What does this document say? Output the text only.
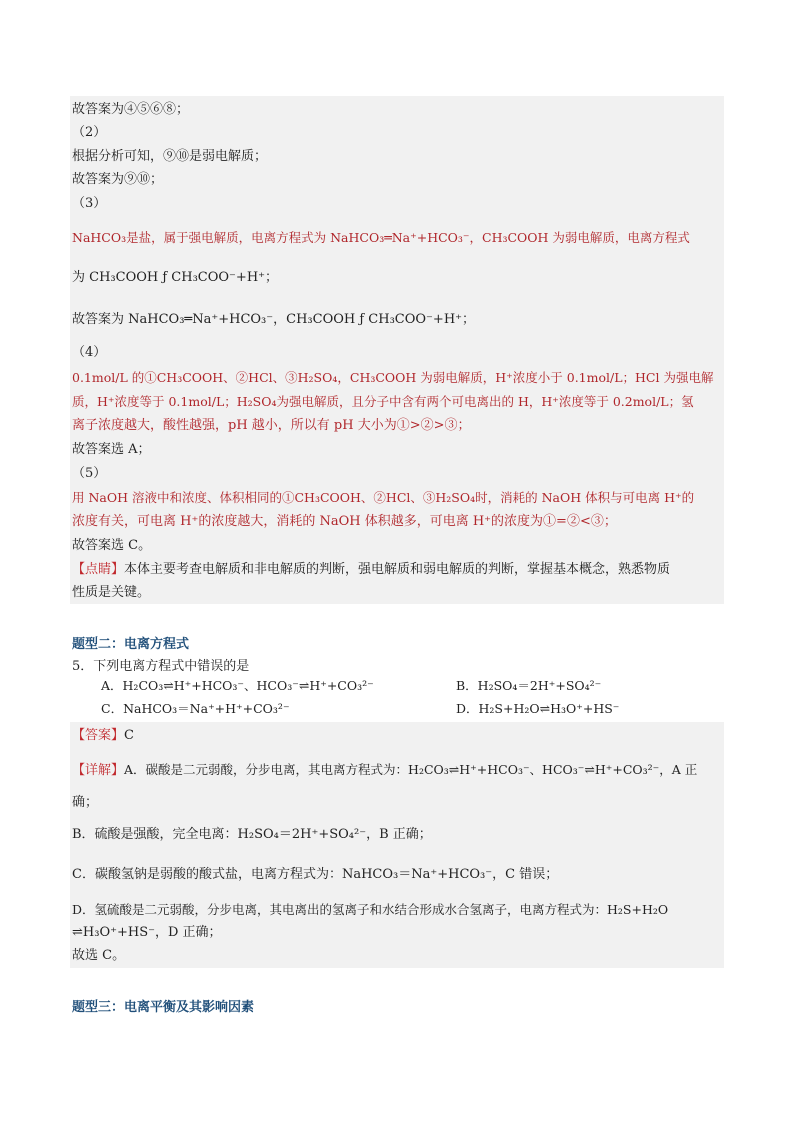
故答案为④⑤⑥⑧；
（2）
根据分析可知，⑨⑩是弱电解质；
故答案为⑨⑩；
（3）
NaHCO₃是盐，属于强电解质，电离方程式为 NaHCO₃═Na⁺+HCO₃⁻，CH₃COOH 为弱电解质，电离方程式
为 CH₃COOH ƒ CH₃COO⁻+H⁺；
故答案为 NaHCO₃═Na⁺+HCO₃⁻，CH₃COOH ƒ CH₃COO⁻+H⁺；
（4）
0.1mol/L 的①CH₃COOH、②HCl、③H₂SO₄，CH₃COOH 为弱电解质，H⁺浓度小于 0.1mol/L；HCl 为强电解
质，H⁺浓度等于 0.1mol/L；H₂SO₄为强电解质，且分子中含有两个可电离出的 H，H⁺浓度等于 0.2mol/L；氢
离子浓度越大，酸性越强，pH 越小，所以有 pH 大小为①>②>③；
故答案选 A；
（5）
用 NaOH 溶液中和浓度、体积相同的①CH₃COOH、②HCl、③H₂SO₄时，消耗的 NaOH 体积与可电离 H⁺的
浓度有关，可电离 H⁺的浓度越大，消耗的 NaOH 体积越多，可电离 H⁺的浓度为①=②<③；
故答案选 C。
【点睛】本体主要考查电解质和非电解质的判断，强电解质和弱电解质的判断，掌握基本概念，熟悉物质
性质是关键。
题型二：电离方程式
5．下列电离方程式中错误的是
A．H₂CO₃⇌H⁺+HCO₃⁻、HCO₃⁻⇌H⁺+CO₃²⁻	B．H₂SO₄＝2H⁺+SO₄²⁻
C．NaHCO₃＝Na⁺+H⁺+CO₃²⁻	D．H₂S+H₂O⇌H₃O⁺+HS⁻
【答案】C
【详解】A．碳酸是二元弱酸，分步电离，其电离方程式为：H₂CO₃⇌H⁺+HCO₃⁻、HCO₃⁻⇌H⁺+CO₃²⁻，A 正
确；
B．硫酸是强酸，完全电离：H₂SO₄＝2H⁺+SO₄²⁻，B 正确；
C．碳酸氢钠是弱酸的酸式盐，电离方程式为：NaHCO₃＝Na⁺+HCO₃⁻，C 错误；
D．氢硫酸是二元弱酸，分步电离，其电离出的氢离子和水结合形成水合氢离子，电离方程式为：H₂S+H₂O
⇌H₃O⁺+HS⁻，D 正确；
故选 C。
题型三：电离平衡及其影响因素
